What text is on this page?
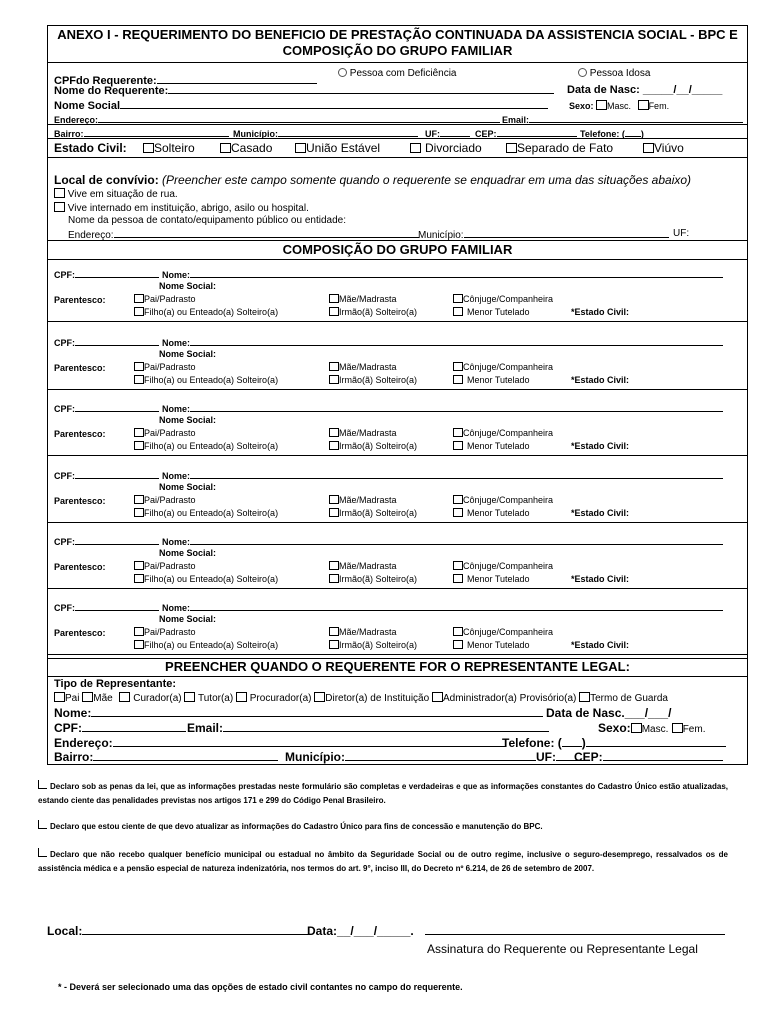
ANEXO I - REQUERIMENTO DO BENEFICIO DE PRESTAÇÃO CONTINUADA DA ASSISTENCIA SOCIAL - BPC E
COMPOSIÇÃO DO GRUPO FAMILIAR
CPFdo Requerente:
Pessoa com Deficiência	Pessoa Idosa
Nome do Requerente:	Data de Nasc: _____/__/_____
Nome Social	Sexo: Masc. Fem.
Endereço:	Email:
Bairro:	Município:	UF:	CEP:	Telefone: ( )
Estado Civil:	Solteiro	Casado	União Estável	Divorciado	Separado de Fato	Viúvo
Local de convívio: (Preencher este campo somente quando o requerente se enquadrar em uma das situações abaixo)
Vive em situação de rua.
Vive internado em instituição, abrigo, asilo ou hospital.
Nome da pessoa de contato/equipamento público ou entidade:
Endereço:	Município:	UF:
COMPOSIÇÃO DO GRUPO FAMILIAR
CPF:	Nome:
Nome Social:
Parentesco:	Pai/Padrasto	Mãe/Madrasta	Cônjuge/Companheira
Filho(a) ou Enteado(a) Solteiro(a)	Irmão(ã) Solteiro(a)	Menor Tutelado	*Estado Civil:
CPF:	Nome:
Nome Social:
Parentesco:	Pai/Padrasto	Mãe/Madrasta	Cônjuge/Companheira
Filho(a) ou Enteado(a) Solteiro(a)	Irmão(ã) Solteiro(a)	Menor Tutelado	*Estado Civil:
CPF:	Nome:
Nome Social:
Parentesco:	Pai/Padrasto	Mãe/Madrasta	Cônjuge/Companheira
Filho(a) ou Enteado(a) Solteiro(a)	Irmão(ã) Solteiro(a)	Menor Tutelado	*Estado Civil:
CPF:	Nome:
Nome Social:
Parentesco:	Pai/Padrasto	Mãe/Madrasta	Cônjuge/Companheira
Filho(a) ou Enteado(a) Solteiro(a)	Irmão(ã) Solteiro(a)	Menor Tutelado	*Estado Civil:
CPF:	Nome:
Nome Social:
Parentesco:	Pai/Padrasto	Mãe/Madrasta	Cônjuge/Companheira
Filho(a) ou Enteado(a) Solteiro(a)	Irmão(ã) Solteiro(a)	Menor Tutelado	*Estado Civil:
CPF:	Nome:
Nome Social:
Parentesco:	Pai/Padrasto	Mãe/Madrasta	Cônjuge/Companheira
Filho(a) ou Enteado(a) Solteiro(a)	Irmão(ã) Solteiro(a)	Menor Tutelado	*Estado Civil:
PREENCHER QUANDO O REQUERENTE FOR O REPRESENTANTE LEGAL:
Tipo de Representante:
Pai Mãe Curador(a) Tutor(a) Procurador(a) Diretor(a) de Instituição Administrador(a) Provisório(a) Termo de Guarda
Nome:	Data de Nasc.___/___/
CPF:	Email:	Sexo: Masc. Fem.
Endereço:	Telefone: ( )
Bairro:	Município:	UF:	CEP:
Declaro sob as penas da lei, que as informações prestadas neste formulário são completas e verdadeiras e que as informações constantes do Cadastro Único estão atualizadas, estando ciente das penalidades previstas nos artigos 171 e 299 do Código Penal Brasileiro.
Declaro que estou ciente de que devo atualizar as informações do Cadastro Único para fins de concessão e manutenção do BPC.
Declaro que não recebo qualquer benefício municipal ou estadual no âmbito da Seguridade Social ou de outro regime, inclusive o seguro-desemprego, ressalvados os de assistência médica e a pensão especial de natureza indenizatória, nos termos do art. 9°, inciso III, do Decreto nº 6.214, de 26 de setembro de 2007.
Local:	Data:__/___/_____.
Assinatura do Requerente ou Representante Legal
* - Deverá ser selecionado uma das opções de estado civil contantes no campo do requerente.
